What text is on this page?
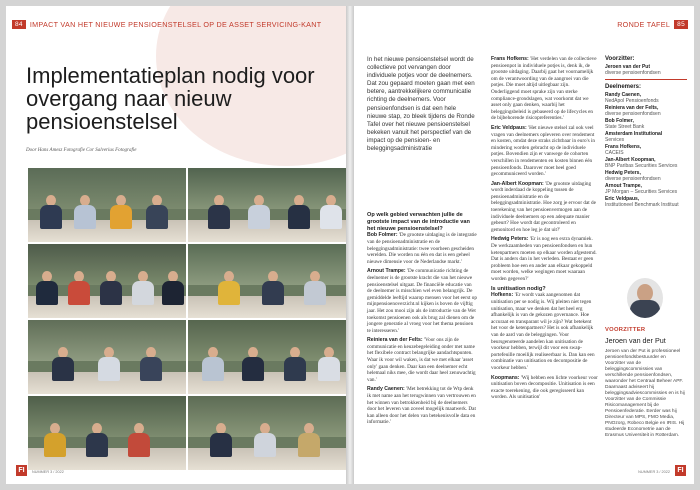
84 IMPACT VAN HET NIEUWE PENSIOENSTELSEL OP DE ASSET SERVICING-KANT
Implementatieplan nodig voor overgang naar nieuw pensioenstelsel
Door Hans Amesz Fotografie Cor Salverius Fotografie
FI	NUMMER 3 / 2022
RONDE TAFEL	85
FI
NUMMER 3 / 2022
In het nieuwe pensioenstelsel wordt de collectieve pot vervangen door individuele potjes voor de deelnemers. Dat zou gepaard moeten gaan met een betere, aantrekkelijkere communicatie richting de deelnemers. Voor pensioenfondsen is dat een hele nieuwe stap, zo bleek tijdens de Ronde Tafel over het nieuwe pensioenstelsel bekeken vanuit het perspectief van de impact op de pensioen- en beleggingsadministratie
Op welk gebied verwachten jullie de grootste impact van de introductie van het nieuwe pensioenstelsel?

Bob Folmer: 'De grootste uitdaging is de integratie van de pensioenadministratie en de beleggingsadministratie: twee voorheen gescheiden werelden. Die worden nu één en dat is een geheel nieuwe dimensie voor de Nederlandse markt.'

Arnout Trampe: 'De communicatie richting de deelnemer is de grootste kracht die van het nieuwe pensioenstelsel uitgaat. De financiële educatie van de deelnemer is misschien wel even belangrijk. De gemiddelde leeftijd waarop mensen voor het eerst op mijnpensioenoverzicht.nl kijken is boven de vijftig jaar. Het zou mooi zijn als de introductie van de Wet toekomst pensioenen ook als brug zal dienen om de jongere generatie al vroeg voor het thema pensioen te interesseren.'

Reiniera van der Felts: 'Voor ons zijn de communicatie en keuzebegeleiding onder met name het flexibele contract belangrijke aandachtspunten. Waar ik voor wil waken, is dat we met elkaar 'asset only' gaan denken. Daar kan een deelnemer echt helemaal niks mee, die wordt daar heel zenuwachtig van.'

Randy Caenen: 'Met betrekking tot de Wtp denk ik met name aan het terugwinnen van vertrouwen en het winnen van betrokkenheid bij de deelnemers door het leveren van zoveel mogelijk maatwerk. Dat kan alleen door het delen van betekenisvolle data en informatie.'

Frans Hofkens: 'Het verdelen van de collectieve pensioenpot in individuele potjes is, denk ik, de grootste uitdaging. Daarbij gaat het voornamelijk om de verantwoording van de aangroei van die potjes. Die moet altijd uitlegbaar zijn. Onderliggend moet sprake zijn van sterke compliance-grondslagen, wat voorkomt dat we asset only gaan denken, waarbij het beleggingsbeleid is gebaseerd op de lifecycles en de bijbehorende risicopreferenties.'

Eric Veldpaus: 'Het nieuwe stelsel zal ook veel vragen van deelnemers opleveren over rendement en kosten, omdat deze straks zichtbaar in euro's in mindering worden gebracht op de individuele potjes. Bovendien zijn er vanwege de cohorten verschillen in rendementen en kosten binnen één pensioenfonds. Daarover moet heel goed gecommuniceerd worden.'

Jan-Albert Koopman: 'De grootste uitdaging wordt inderdaad de koppeling tussen de pensioenadministratie en de beleggingsadministratie. Hoe zorg je ervoor dat de toerekening van het pensioenvermogen aan de individuele deelnemers op een adequate manier gebeurt? Hoe wordt dat gecontroleerd en gemonitord en hoe leg je dat uit?'

Hedwig Peters: 'Er is nog een extra dynamiek. De werkzaamheden van pensioenfondsen en hun ketenpartners moeten op elkaar worden afgestemd. Dat is anders dan in het verleden. Bestaat er geen probleem hoe een en ander aan elkaar gekoppeld moet worden, welke wegingen moet waaraan worden gegeven?'

Is unitisation nodig?

Hofkens: 'Er wordt vaak aangenomen dat unitisation per se nodig is. Wij pleiten niet tegen unitisation, maar we denken dat het heel erg afhankelijk is van de gekozen governance. Hoe accuraat en transparant wil je zijn? Wat betekent het voor de ketenpartners? Het is ook afhankelijk van de aard van de beleggingen. Voor beursgenoteerde aandelen kan unitisation de voorkeur hebben, terwijl dit voor een swap-portefeuille moeilijk realiseerbaar is. Dan kan een combinatie van unitisation en decompositie de voorkeur hebben.'

Koopmans: 'Wij hebben een lichte voorkeur voor unitisation boven decompositie. Unitisation is een exacte toerekening, die ook geregisseerd kan worden. Als unitisation'

Voorzitter:
Jeroen van der Put
diverse pensioenfondsen
Deelnemers:
Randy Caenen,
NedApol Pensioenfonds
Reiniera van der Felts,
diverse pensioenfondsen
Bob Folmer,
State Street Bank
Amsterdam Institutional
Services
Frans Hofkens,
CACEIS
Jan-Albert Koopman,
BNP Paribas Securities Services
Hedwig Peters,
diverse pensioenfondsen
Arnout Trampe,
JP Morgan – Securities Services
Eric Veldpaus,
Institutioneel Benchmark Instituut
VOORZITTER
Jeroen van der Put
Jeroen van der Put is professioneel pensioenfondsbestuurder en Voorzitter van de beleggingscommissies van verschillende pensioenfondsen, waaronder het Centraal Beheer APF. Daarnaast adviseert hij beleggingsadviescommissies en is hij Voorzitter van de Commissie Risicomanagement bij de Pensioenfederatie. Eerder was hij Directeur van MPS, FMO Media, PNOzorg, Robeco Belgie en IRIS. Hij studeerde Econometrie aan de Erasmus Universiteit in Rotterdam.
